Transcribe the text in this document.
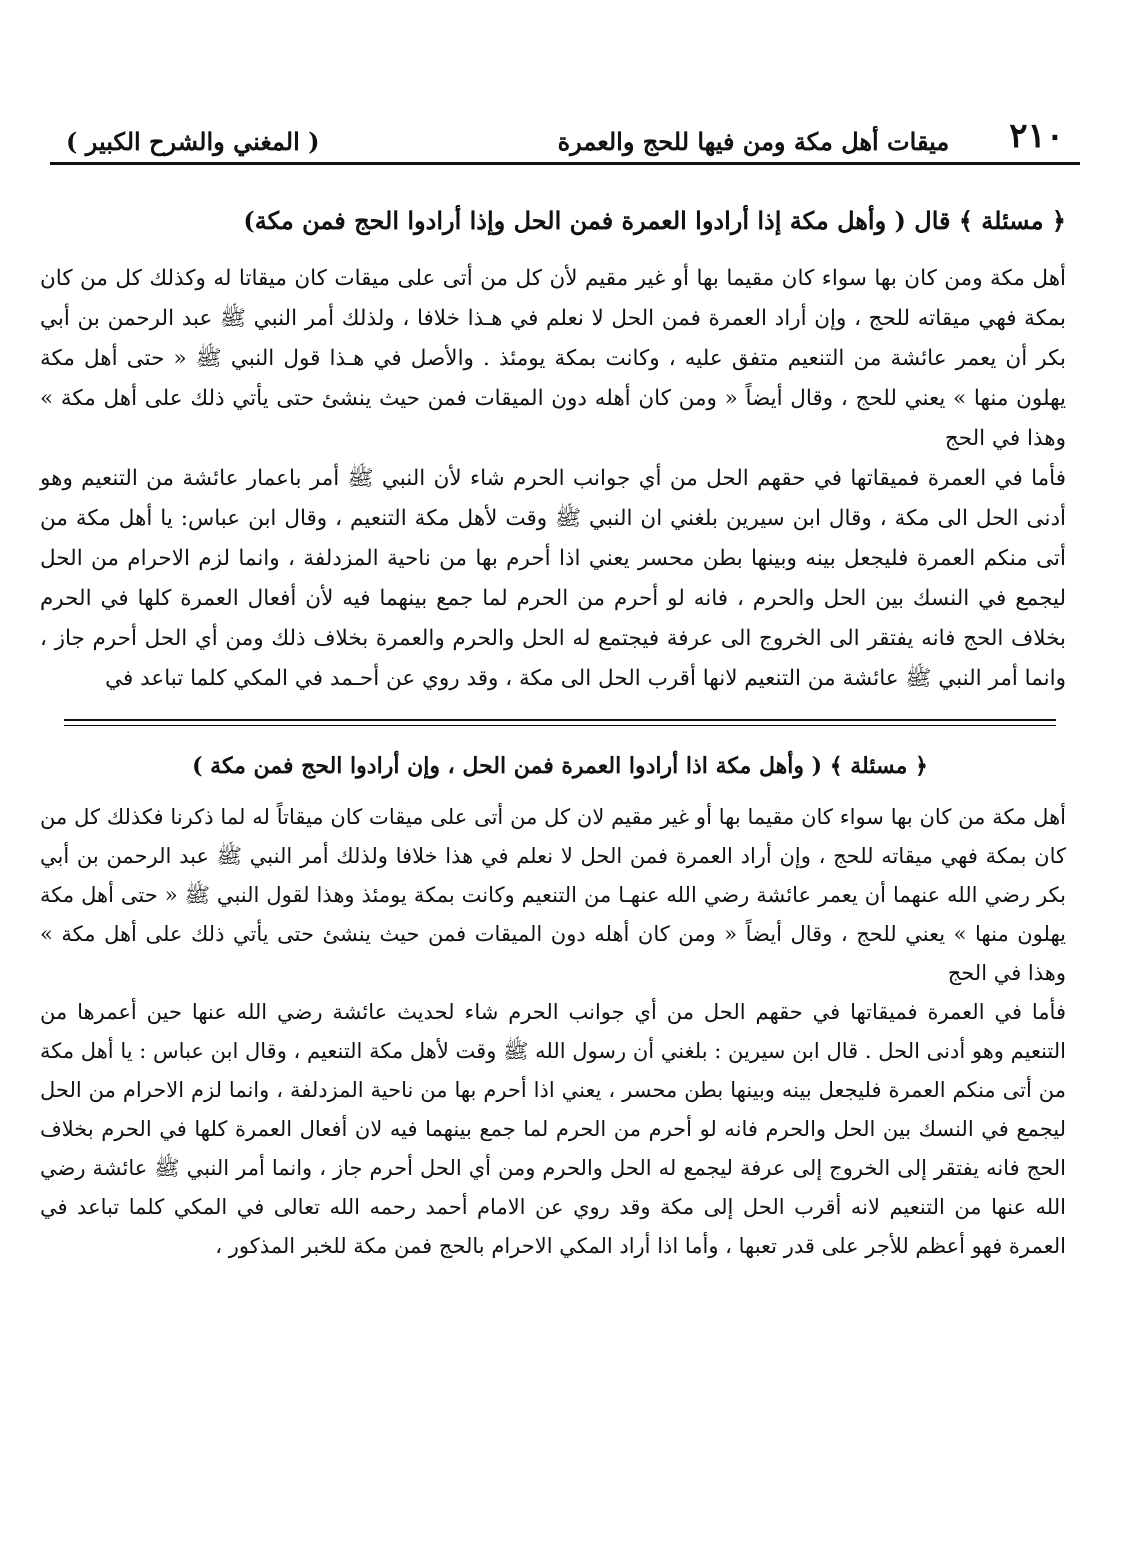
٢١٠
ميقات أهل مكة ومن فيها للحج والعمرة
( المغني والشرح الكبير )
﴿ مسئلة ﴾ قال ( وأهل مكة إذا أرادوا العمرة فمن الحل وإذا أرادوا الحج فمن مكة)

أهل مكة ومن كان بها سواء كان مقيما بها أو غير مقيم لأن كل من أتى على ميقات كان ميقاتا له وكذلك كل من كان بمكة فهي ميقاته للحج ، وإن أراد العمرة فمن الحل لا نعلم في هـذا خلافا ، ولذلك أمر النبي ﷺ عبد الرحمن بن أبي بكر أن يعمر عائشة من التنعيم متفق عليه ، وكانت بمكة يومئذ . والأصل في هـذا قول النبي ﷺ « حتى أهل مكة يهلون منها » يعني للحج ، وقال أيضاً « ومن كان أهله دون الميقات فمن حيث ينشئ حتى يأتي ذلك على أهل مكة » وهذا في الحج

فأما في العمرة فميقاتها في حقهم الحل من أي جوانب الحرم شاء لأن النبي ﷺ أمر باعمار عائشة من التنعيم وهو أدنى الحل الى مكة ، وقال ابن سيرين بلغني ان النبي ﷺ وقت لأهل مكة التنعيم ، وقال ابن عباس: يا أهل مكة من أتى منكم العمرة فليجعل بينه وبينها بطن محسر يعني اذا أحرم بها من ناحية المزدلفة ، وانما لزم الاحرام من الحل ليجمع في النسك بين الحل والحرم ، فانه لو أحرم من الحرم لما جمع بينهما فيه لأن أفعال العمرة كلها في الحرم بخلاف الحج فانه يفتقر الى الخروج الى عرفة فيجتمع له الحل والحرم والعمرة بخلاف ذلك ومن أي الحل أحرم جاز ، وانما أمر النبي ﷺ عائشة من التنعيم لانها أقرب الحل الى مكة ، وقد روي عن أحـمد في المكي كلما تباعد في

﴿ مسئلة ﴾ ( وأهل مكة اذا أرادوا العمرة فمن الحل ، وإن أرادوا الحج فمن مكة )

أهل مكة من كان بها سواء كان مقيما بها أو غير مقيم لان كل من أتى على ميقات كان ميقاتاً له لما ذكرنا فكذلك كل من كان بمكة فهي ميقاته للحج ، وإن أراد العمرة فمن الحل لا نعلم في هذا خلافا ولذلك أمر النبي ﷺ عبد الرحمن بن أبي بكر رضي الله عنهما أن يعمر عائشة رضي الله عنهـا من التنعيم وكانت بمكة يومئذ وهذا لقول النبي ﷺ « حتى أهل مكة يهلون منها » يعني للحج ، وقال أيضاً « ومن كان أهله دون الميقات فمن حيث ينشئ حتى يأتي ذلك على أهل مكة » وهذا في الحج

فأما في العمرة فميقاتها في حقهم الحل من أي جوانب الحرم شاء لحديث عائشة رضي الله عنها حين أعمرها من التنعيم وهو أدنى الحل . قال ابن سيرين : بلغني أن رسول الله ﷺ وقت لأهل مكة التنعيم ، وقال ابن عباس : يا أهل مكة من أتى منكم العمرة فليجعل بينه وبينها بطن محسر ، يعني اذا أحرم بها من ناحية المزدلفة ، وانما لزم الاحرام من الحل ليجمع في النسك بين الحل والحرم فانه لو أحرم من الحرم لما جمع بينهما فيه لان أفعال العمرة كلها في الحرم بخلاف الحج فانه يفتقر إلى الخروج إلى عرفة ليجمع له الحل والحرم ومن أي الحل أحرم جاز ، وانما أمر النبي ﷺ عائشة رضي الله عنها من التنعيم لانه أقرب الحل إلى مكة وقد روي عن الامام أحمد رحمه الله تعالى في المكي كلما تباعد في العمرة فهو أعظم للأجر على قدر تعبها ، وأما اذا أراد المكي الاحرام بالحج فمن مكة للخبر المذكور ،
